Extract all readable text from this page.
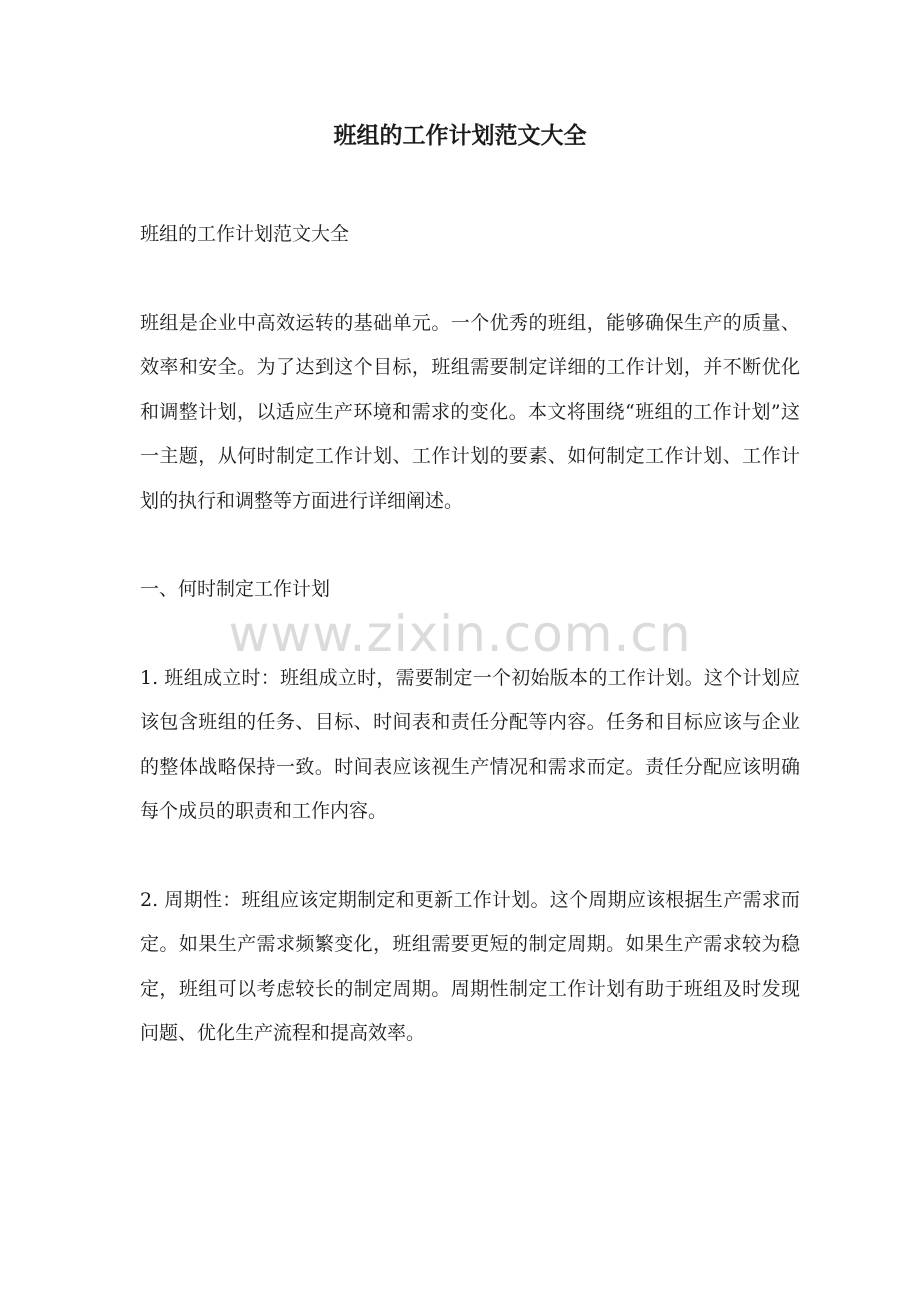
班组的工作计划范文大全

班组的工作计划范文大全

班组是企业中高效运转的基础单元。一个优秀的班组，能够确保生产的质量、效率和安全。为了达到这个目标，班组需要制定详细的工作计划，并不断优化和调整计划，以适应生产环境和需求的变化。本文将围绕“班组的工作计划”这一主题，从何时制定工作计划、工作计划的要素、如何制定工作计划、工作计划的执行和调整等方面进行详细阐述。

一、何时制定工作计划

1. 班组成立时：班组成立时，需要制定一个初始版本的工作计划。这个计划应该包含班组的任务、目标、时间表和责任分配等内容。任务和目标应该与企业的整体战略保持一致。时间表应该视生产情况和需求而定。责任分配应该明确每个成员的职责和工作内容。

2. 周期性：班组应该定期制定和更新工作计划。这个周期应该根据生产需求而定。如果生产需求频繁变化，班组需要更短的制定周期。如果生产需求较为稳定，班组可以考虑较长的制定周期。周期性制定工作计划有助于班组及时发现问题、优化生产流程和提高效率。

www.zixin.com.cn
